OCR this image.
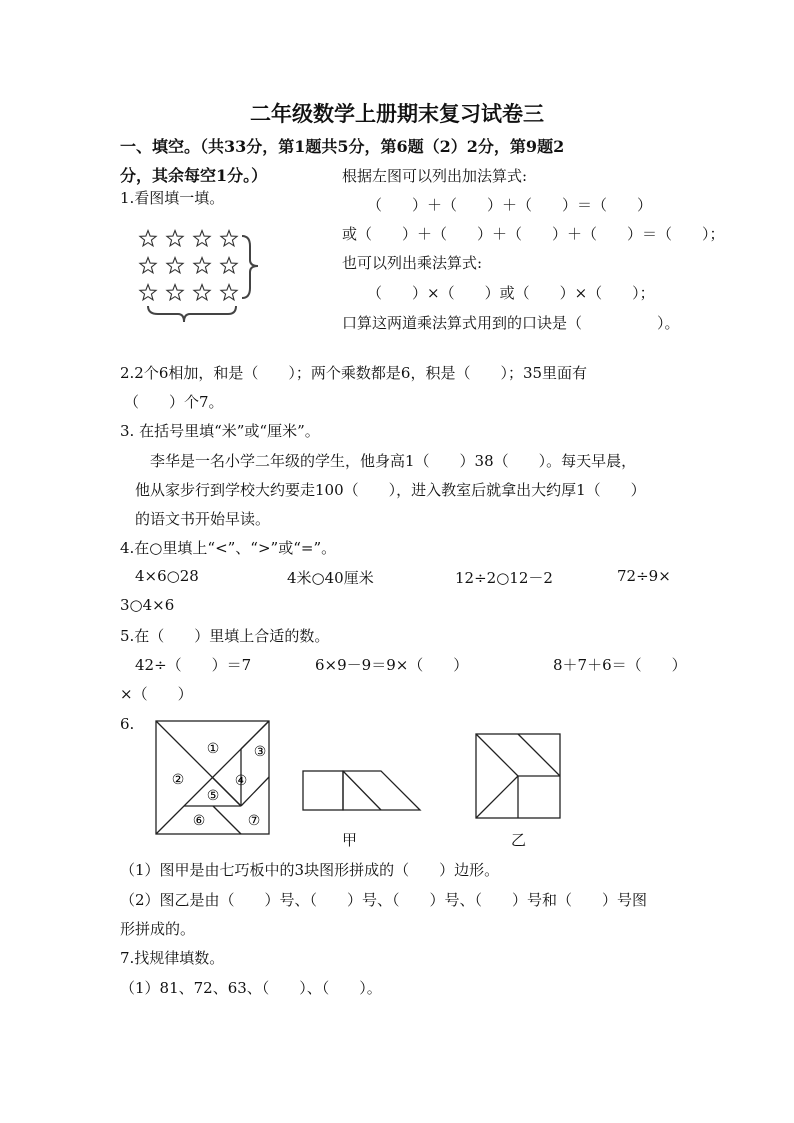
二年级数学上册期末复习试卷三
一、填空。（共33分，第1题共5分，第6题（2）2分，第9题2
分，其余每空1分。）
1.看图填一填。
根据左图可以列出加法算式:
（　　）＋（　　）＋（　　）＝（　　）
或（　　）＋（　　）＋（　　）＋（　　）＝（　　）；
也可以列出乘法算式:
（　　）×（　　）或（　　）×（　　）；
口算这两道乘法算式用到的口诀是（　　　　　）。
2.2个6相加，和是（　　）；两个乘数都是6，积是（　　）；35里面有
（　　）个7。
3. 在括号里填“米”或“厘米”。
李华是一名小学二年级的学生，他身高1（　　）38（　　）。每天早晨，
他从家步行到学校大约要走100（　　），进入教室后就拿出大约厚1（　　）
的语文书开始早读。
4.在○里填上“<”、“>”或“=”。
4×6○28	4米○40厘米	12÷2○12－2	72÷9×
3○4×6
5.在（　　）里填上合适的数。
42÷（　　）＝7	6×9－9＝9×（　　）	8＋7＋6＝（　　）
×（　　）
6.
①
②
③
④
⑤
⑥	⑦
甲	乙
（1）图甲是由七巧板中的3块图形拼成的（　　）边形。
（2）图乙是由（　　）号、（　　）号、（　　）号、（　　）号和（　　）号图
形拼成的。
7.找规律填数。
（1）81、72、63、（　　）、（　　）。
